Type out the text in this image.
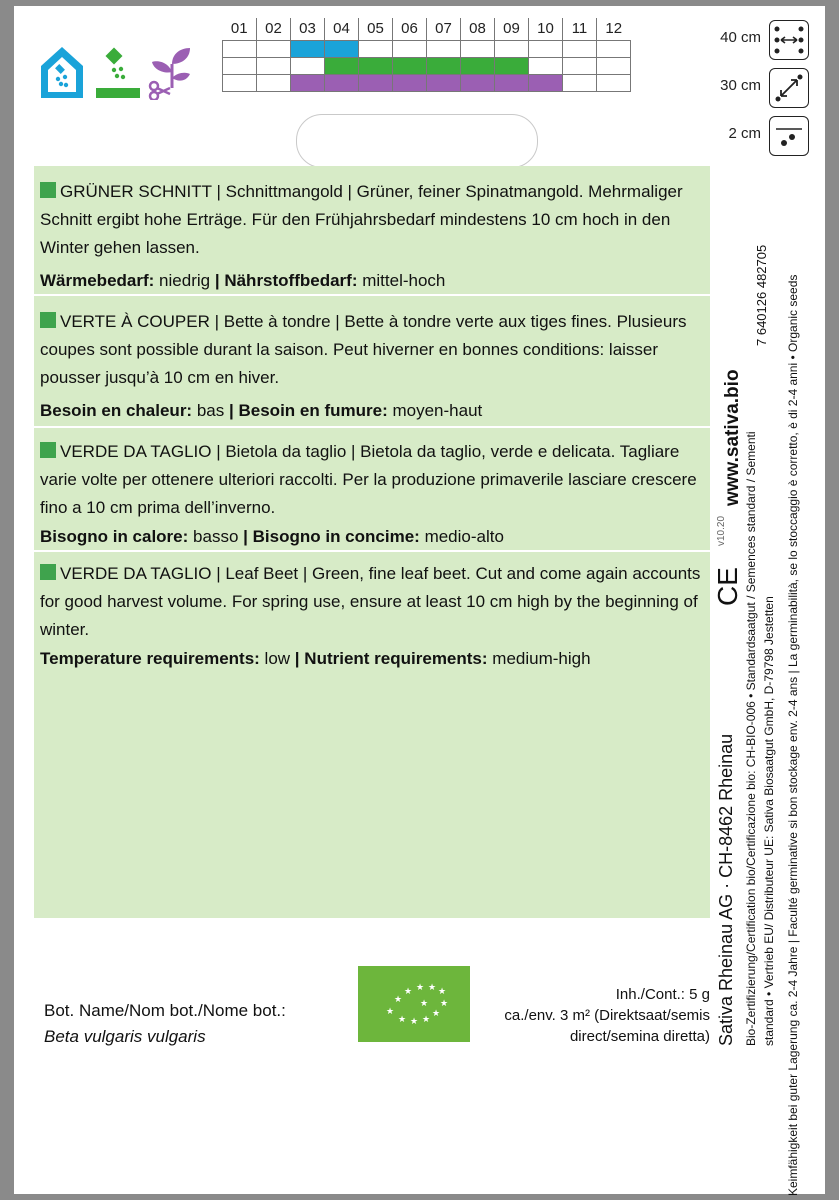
01	02	03	04	05	06	07	08	09	10	11	12

40 cm
30 cm
2 cm

GRÜNER SCHNITT | Schnittmangold | Grüner, feiner Spinatmangold. Mehrmaliger Schnitt ergibt hohe Erträge. Für den Frühjahrsbedarf mindestens 10 cm hoch in den Winter gehen lassen.

Wärmebedarf: niedrig | Nährstoffbedarf: mittel-hoch

VERTE À COUPER | Bette à tondre | Bette à tondre verte aux tiges fines. Plusieurs coupes sont possible durant la saison. Peut hiverner en bonnes conditions: laisser pousser jusqu’à 10 cm en hiver.

Besoin en chaleur: bas | Besoin en fumure: moyen-haut

VERDE DA TAGLIO | Bietola da taglio | Bietola da taglio, verde e delicata. Tagliare varie volte per ottenere ulteriori raccolti. Per la produzione primaverile lasciare crescere fino a 10 cm prima dell’inverno.

Bisogno in calore: basso | Bisogno in concime: medio-alto

VERDE DA TAGLIO | Leaf Beet | Green, fine leaf beet. Cut and come again accounts for good harvest volume. For spring use, ensure at least 10 cm high by the beginning of winter.

Temperature requirements: low | Nutrient requirements: medium-high

Bot. Name/Nom bot./Nome bot.:
Beta vulgaris vulgaris
★
★
★ ★ ★ ★
★ ★ ★
★
★
★
Inh./Cont.: 5 g
ca./env. 3 m² (Direktsaat/semis
direct/semina diretta) Sativa Rheinau AG · CH-8462 Rheinau Bio-Zertifizierung/Certification bio/Certificazione bio: CH-BIO-006 • Standardsaatgut / Semences standard / Sementi standard • Vertrieb EU/ Distributeur UE: Sativa Biosaatgut GmbH, D-79798 Jestetten Keimfähigkeit bei guter Lagerung ca. 2-4 Jahre | Faculté germinative si bon stockage env. 2-4 ans | La germinabilità, se lo stoccaggio è corretto, è di 2-4 anni • Organic seeds
www.sativa.bio
7 640126 482705
CE
v10.20
